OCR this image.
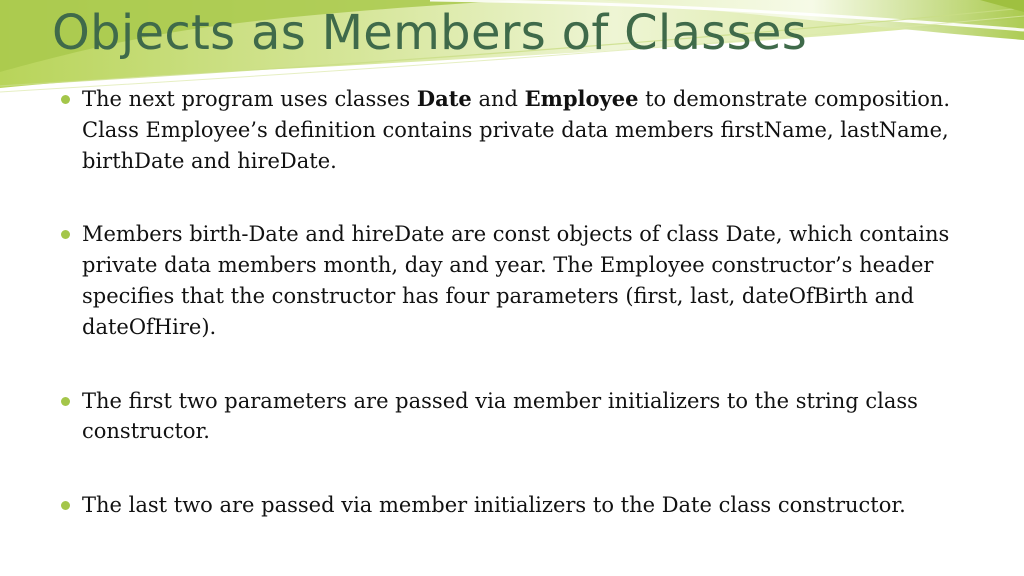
Objects as Members of Classes
The next program uses classes Date and Employee to demonstrate composition. Class Employee’s definition contains private data members firstName, lastName, birthDate and hireDate.
Members birth-Date and hireDate are const objects of class Date, which contains private data members month, day and year. The Employee constructor’s header specifies that the constructor has four parameters (first, last, dateOfBirth and dateOfHire).
The first two parameters are passed via member initializers to the string class constructor.
The last two are passed via member initializers to the Date class constructor.
